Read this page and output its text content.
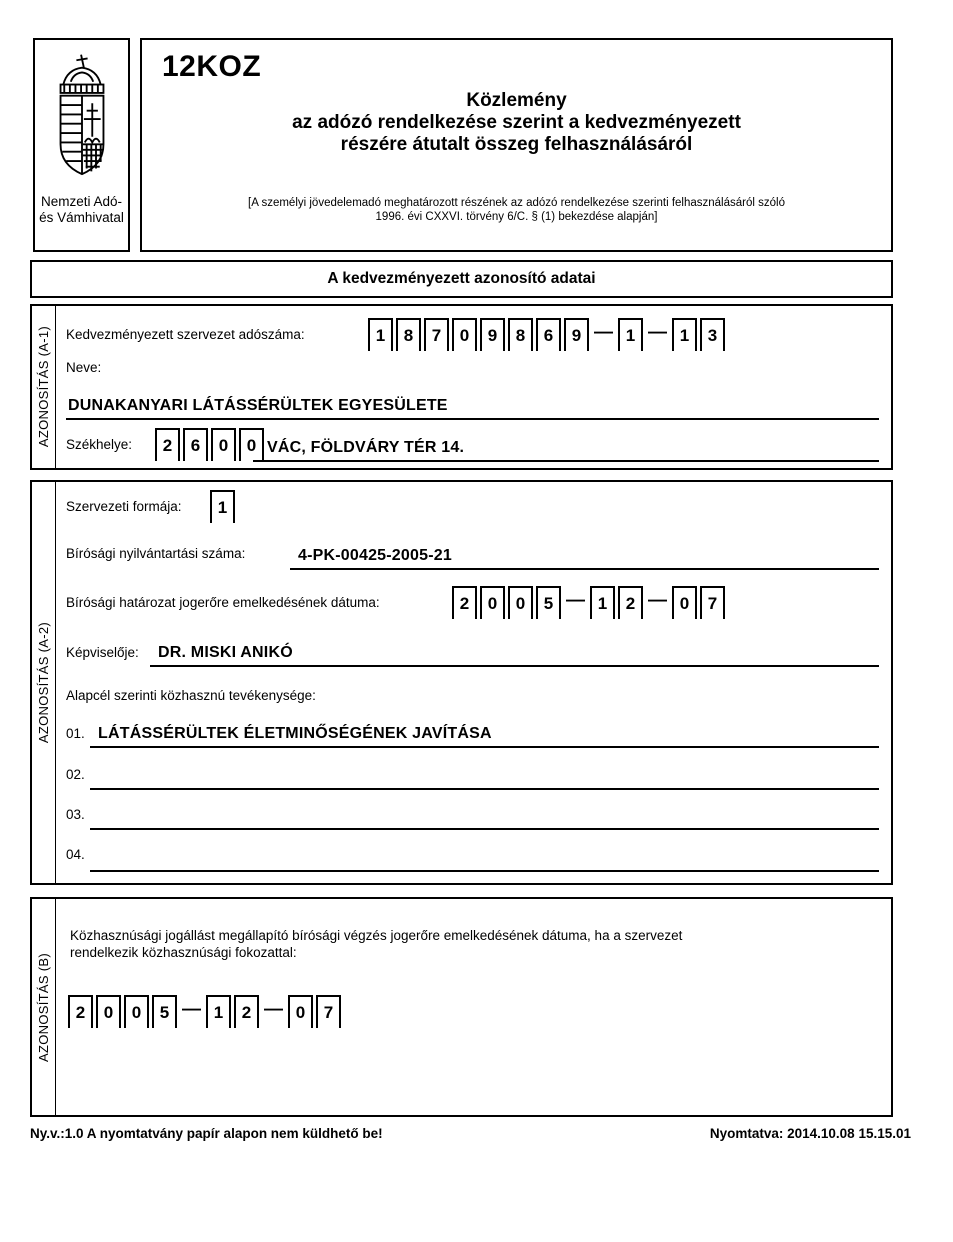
Nemzeti Adó-
és Vámhivatal
12KOZ
Közlemény
az adózó rendelkezése szerint a kedvezményezett
részére átutalt összeg felhasználásáról
[A személyi jövedelemadó meghatározott részének az adózó rendelkezése szerinti felhasználásáról szóló
1996. évi CXXVI. törvény 6/C. § (1) bekezdése alapján]
A kedvezményezett azonosító adatai
AZONOSÍTÁS (A-1) Kedvezményezett szervezet adószáma:	1	8	7	0	9	8	6	9 — 1 — 1	3
Neve:
DUNAKANYARI LÁTÁSSÉRÜLTEK EGYESÜLETE
Székhelye:	2	6	0	0 VÁC, FÖLDVÁRY TÉR 14.
AZONOSÍTÁS (A-2)
Szervezeti formája:	1
Bírósági nyilvántartási száma:	4-PK-00425-2005-21
Bírósági határozat jogerőre emelkedésének dátuma:	2	0	0	5 — 1	2 — 0	7
Képviselője:	DR. MISKI ANIKÓ
Alapcél szerinti közhasznú tevékenysége:
01. LÁTÁSSÉRÜLTEK ÉLETMINŐSÉGÉNEK JAVÍTÁSA
02.
03.
04.
AZONOSÍTÁS (B)
Közhasznúsági jogállást megállapító bírósági végzés jogerőre emelkedésének dátuma, ha a szervezet
rendelkezik közhasznúsági fokozattal:
2	0	0	5 — 1	2 — 0	7
Ny.v.:1.0 A nyomtatvány papír alapon nem küldhető be!	Nyomtatva: 2014.10.08 15.15.01
